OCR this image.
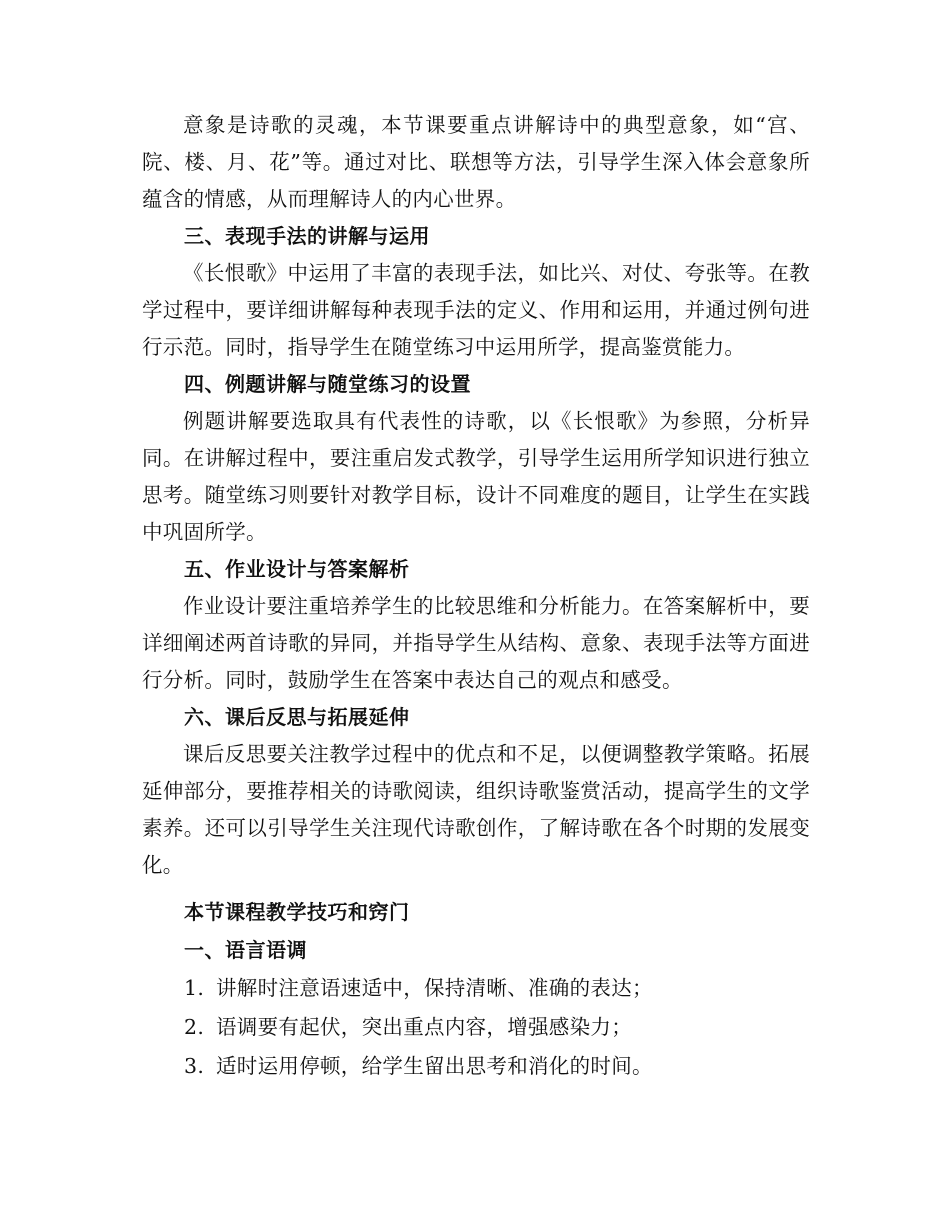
意象是诗歌的灵魂，本节课要重点讲解诗中的典型意象，如“宫、院、楼、月、花”等。通过对比、联想等方法，引导学生深入体会意象所蕴含的情感，从而理解诗人的内心世界。

三、表现手法的讲解与运用

《长恨歌》中运用了丰富的表现手法，如比兴、对仗、夸张等。在教学过程中，要详细讲解每种表现手法的定义、作用和运用，并通过例句进行示范。同时，指导学生在随堂练习中运用所学，提高鉴赏能力。

四、例题讲解与随堂练习的设置

例题讲解要选取具有代表性的诗歌，以《长恨歌》为参照，分析异同。在讲解过程中，要注重启发式教学，引导学生运用所学知识进行独立思考。随堂练习则要针对教学目标，设计不同难度的题目，让学生在实践中巩固所学。

五、作业设计与答案解析

作业设计要注重培养学生的比较思维和分析能力。在答案解析中，要详细阐述两首诗歌的异同，并指导学生从结构、意象、表现手法等方面进行分析。同时，鼓励学生在答案中表达自己的观点和感受。

六、课后反思与拓展延伸

课后反思要关注教学过程中的优点和不足，以便调整教学策略。拓展延伸部分，要推荐相关的诗歌阅读，组织诗歌鉴赏活动，提高学生的文学素养。还可以引导学生关注现代诗歌创作，了解诗歌在各个时期的发展变化。

本节课程教学技巧和窍门

一、语言语调

1. 讲解时注意语速适中，保持清晰、准确的表达；
2. 语调要有起伏，突出重点内容，增强感染力；
3. 适时运用停顿，给学生留出思考和消化的时间。
